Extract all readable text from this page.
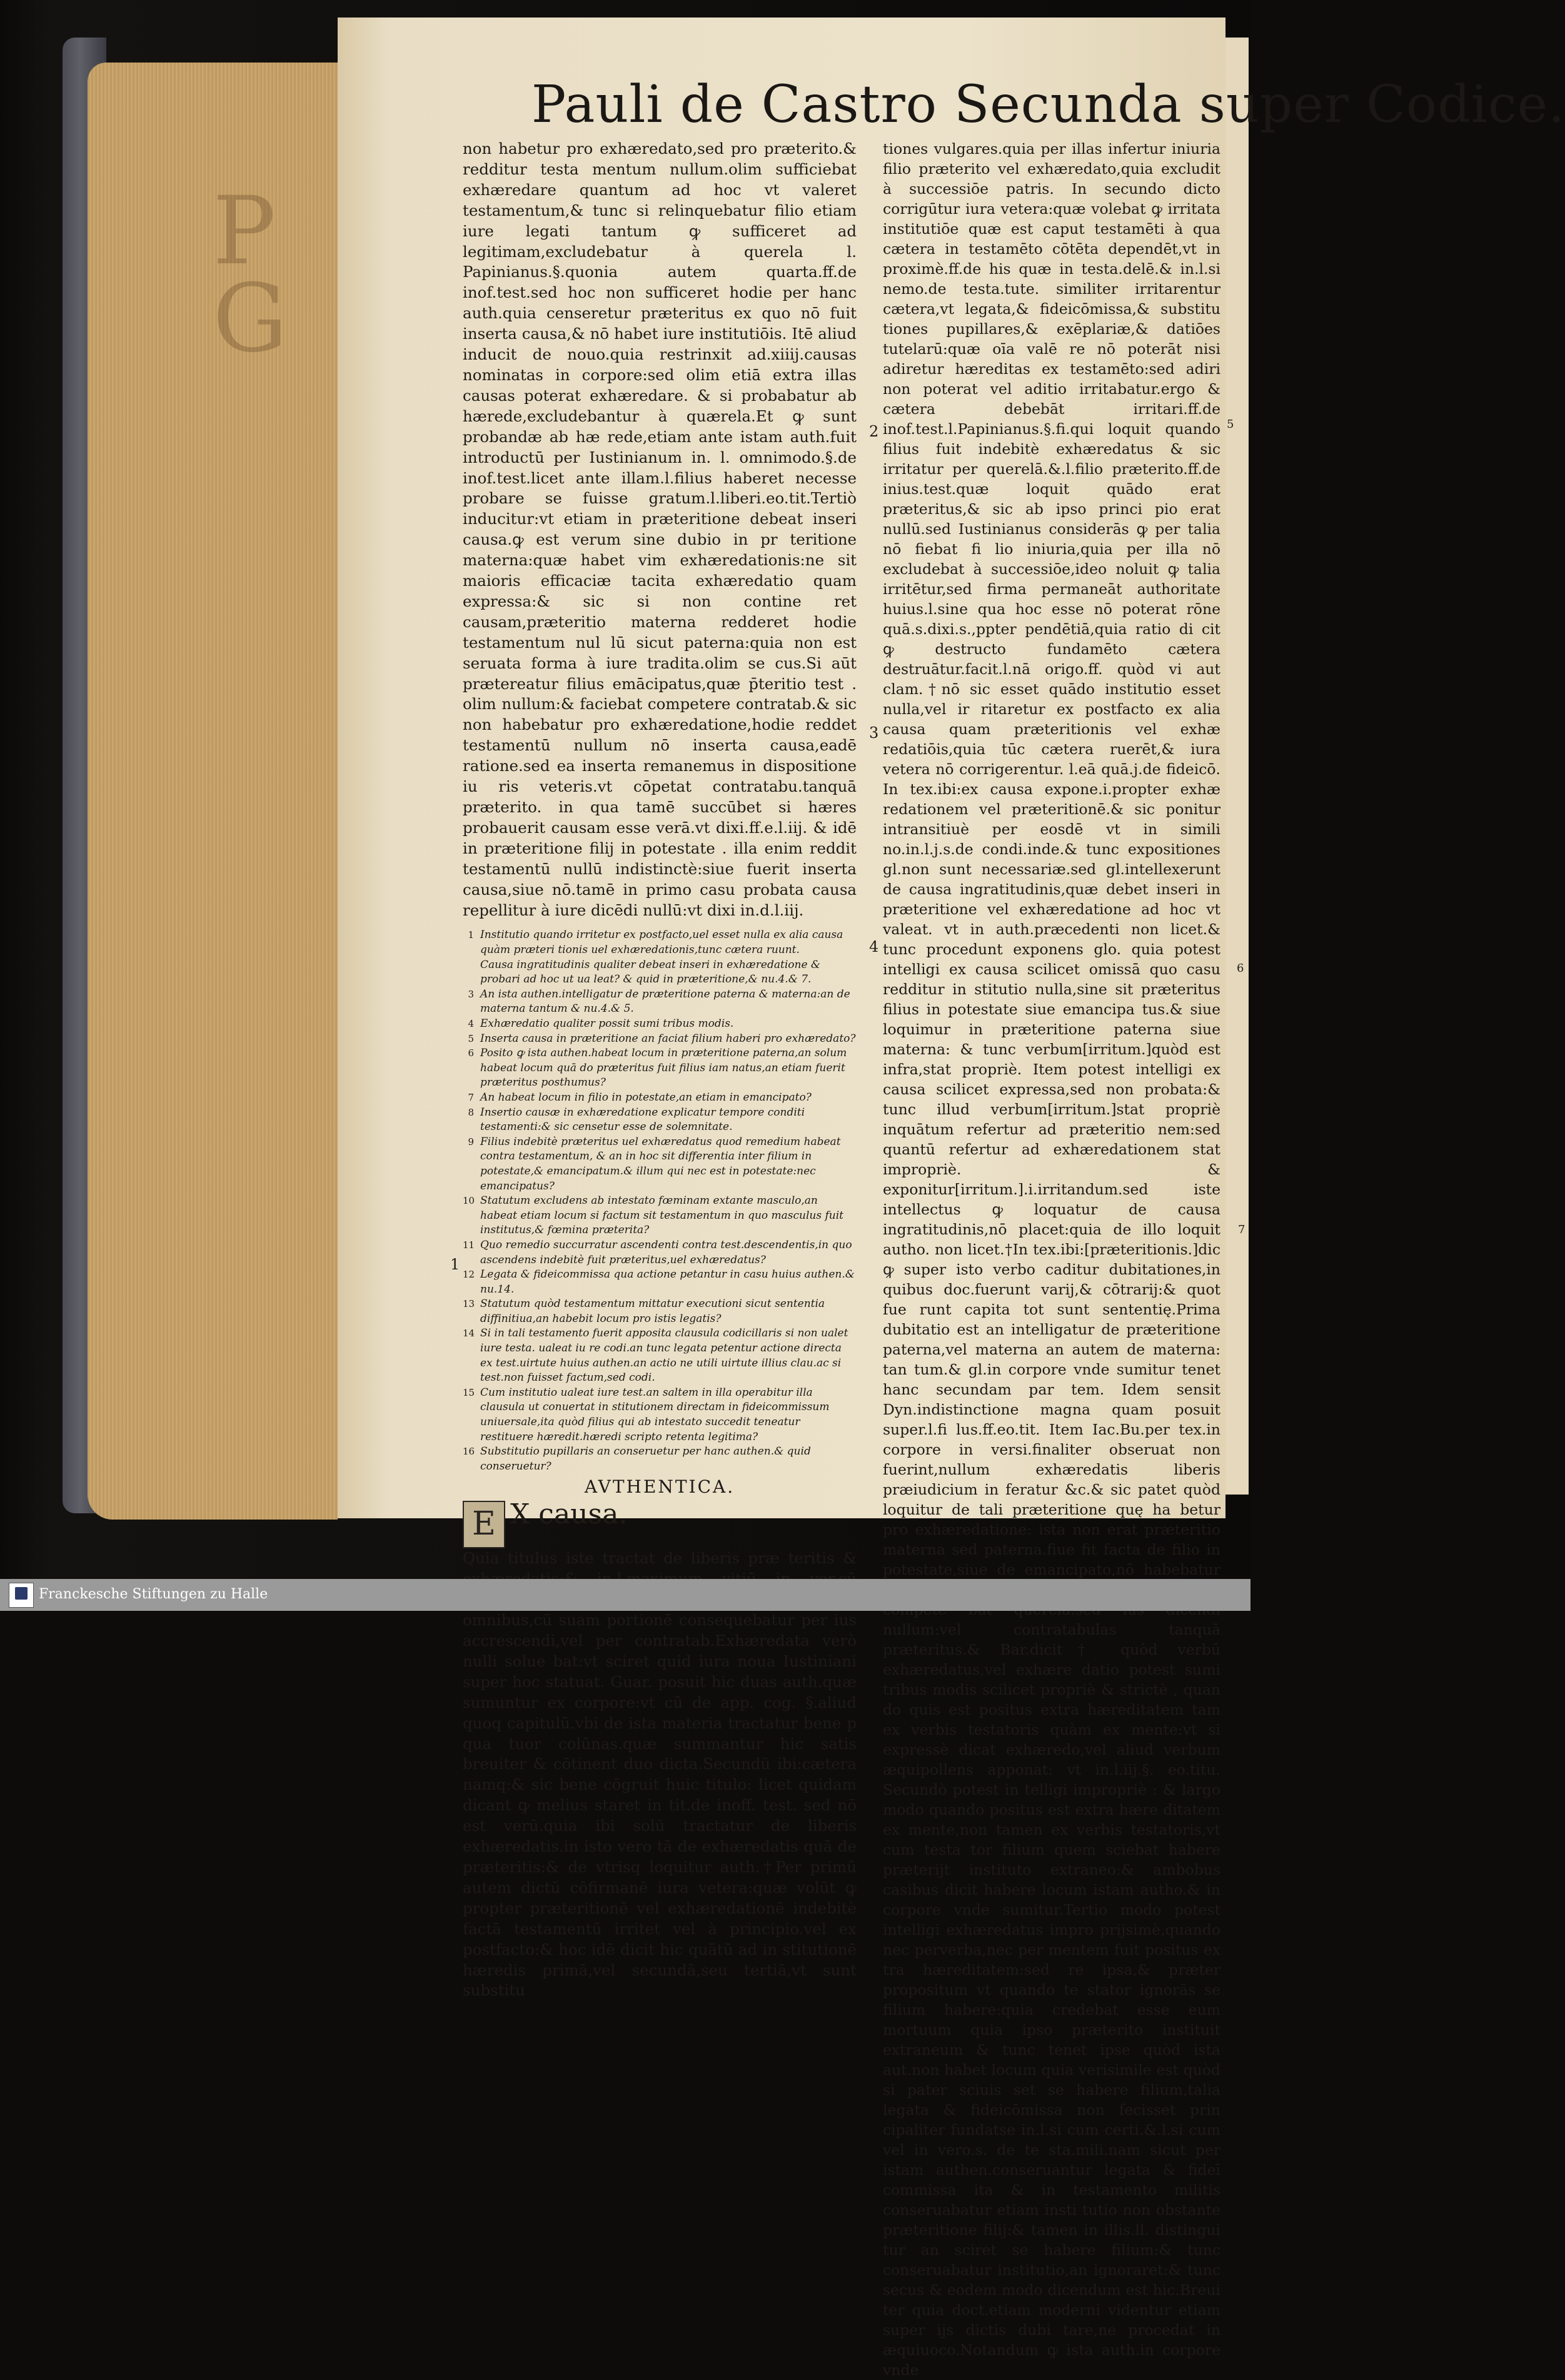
P G
Pauli de Castro Secunda super Codice.

non habetur pro exhæredato,sed pro præterito.& redditur testa mentum nullum.olim sufficiebat exhæredare quantum ad hoc vt valeret testamentum,& tunc si relinquebatur filio etiam iure legati tantum ꝙ sufficeret ad legitimam,excludebatur à querela l. Papinianus.§.quonia autem quarta.ff.de inof.test.sed hoc non sufficeret hodie per hanc auth.quia censeretur præteritus ex quo nō fuit inserta causa,& nō habet iure institutiōis. Itē aliud inducit de nouo.quia restrinxit ad.xiiij.causas nominatas in corpore:sed olim etiā extra illas causas poterat exhæredare. & si probabatur ab hærede,excludebantur à quærela.Et ꝙ sunt probandæ ab hæ rede,etiam ante istam auth.fuit introductū per Iustinianum in. l. omnimodo.§.de inof.test.licet ante illam.l.filius haberet necesse probare se fuisse gratum.l.liberi.eo.tit.Tertiò inducitur:vt etiam in præteritione debeat inseri causa.ꝙ est verum sine dubio in pr teritione materna:quæ habet vim exhæredationis:ne sit maioris efficaciæ tacita exhæredatio quam expressa:& sic si non contine ret causam,præteritio materna redderet hodie testamentum nul lū sicut paterna:quia non est seruata forma à iure tradita.olim se cus.Si aūt prætereatur filius emācipatus,quæ p̄teritio test . olim nullum:& faciebat competere contratab.& sic non habebatur pro exhæredatione,hodie reddet testamentū nullum nō inserta causa,eadē ratione.sed ea inserta remanemus in dispositione iu ris veteris.vt cōpetat contratabu.tanquā præterito. in qua tamē succūbet si hæres probauerit causam esse verā.vt dixi.ff.e.l.iij. & idē in præteritione filij in potestate . illa enim reddit testamentū nullū indistinctè:siue fuerit inserta causa,siue nō.tamē in primo casu probata causa repellitur à iure dicēdi nullū:vt dixi in.d.l.iij.

1 Institutio quando irritetur ex postfacto,uel esset nulla ex alia causa quàm præteri tionis uel exhæredationis,tunc cætera ruunt.
Causa ingratitudinis qualiter debeat inseri in exhæredatione & probari ad hoc ut ua leat? & quid in præteritione,& nu.4.& 7.
3 An ista authen.intelligatur de præteritione paterna & materna:an de materna tantum & nu.4.& 5.
4 Exhæredatio qualiter possit sumi tribus modis.
5 Inserta causa in præteritione an faciat filium haberi pro exhæredato?
6 Posito ꝙ ista authen.habeat locum in præteritione paterna,an solum habeat locum quā do præteritus fuit filius iam natus,an etiam fuerit præteritus posthumus?
7 An habeat locum in filio in potestate,an etiam in emancipato?
8 Insertio causæ in exhæredatione explicatur tempore conditi testamenti:& sic censetur esse de solemnitate.
9 Filius indebitè præteritus uel exhæredatus quod remedium habeat contra testamentum, & an in hoc sit differentia inter filium in potestate,& emancipatum.& illum qui nec est in potestate:nec emancipatus?
10 Statutum excludens ab intestato fœminam extante masculo,an habeat etiam locum si factum sit testamentum in quo masculus fuit institutus,& fœmina præterita?
11 Quo remedio succurratur ascendenti contra test.descendentis,in quo ascendens indebitè fuit præteritus,uel exhæredatus?
12 Legata & fideicommissa qua actione petantur in casu huius authen.& nu.14.
13 Statutum quòd testamentum mittatur executioni sicut sententia diffinitiua,an habebit locum pro istis legatis?
14 Si in tali testamento fuerit apposita clausula codicillaris si non ualet iure testa. ualeat iu re codi.an tunc legata petentur actione directa ex test.uirtute huius authen.an actio ne utili uirtute illius clau.ac si test.non fuisset factum,sed codi.
15 Cum institutio ualeat iure test.an saltem in illa operabitur illa clausula ut conuertat in stitutionem directam in fideicommissum uniuersale,ita quòd filius qui ab intestato succedit teneatur restituere hæredit.hæredi scripto retenta legitima?
16 Substitutio pupillaris an conseruetur per hanc authen.& quid conseruetur?
AVTHENTICA.
E X causa.

Quia titulus iste tractat de liberis præ teritis & omnibus,cū suam portionē consequebatur per ius accrescendi,vel per contratab.Exhæredata verò nulli solue bat:vt sciret quid iura noua Iustiniani super hoc statuat. Guar. posuit hic duas auth.quæ sumuntur ex corpore:vt cū de app. cog. §.aliud quoq capitulū.vbi de ista materia tractatur bene p qua tuor colūnas.quæ summantur hic satis breuiter & cōtinent duo dicta.Secundū ibi:cætera namq:& sic bene cōgruit huic titulo: licet quidam dicant ꝙ melius staret in tit.de inoff. test. sed nō est verū.quia ibi solū tractatur de liberis exhæredatis.in isto vero tā de exhæredatis quā de præteritis:& de vtrisq loquitur auth.†Per primū autem dictū cōfirmanē iura vetera:quæ volūt ꝙ propter præteritionē vel exhæredationē indebitè factā testamentū irritet vel à principio.vel ex postfacto:& hoc idē dicit hic quātū ad in stitutionē hæredis primā,vel secundā,seu tertiā,vt sunt substitu

tiones vulgares.quia per illas infertur iniuria filio præterito vel exhæredato,quia excludit à successiōe patris. In secundo dicto corrigūtur iura vetera:quæ volebat ꝙ irritata institutiōe quæ est caput testamēti à qua cætera in testamēto cōtēta dependēt,vt in proximè.ff.de his quæ in testa.delē.& in.l.si nemo.de testa.tute. similiter irritarentur cætera,vt legata,& fideicōmissa,& substitu tiones pupillares,& exēplariæ,& datiōes tutelarū:quæ oīa valē re nō poterāt nisi adiretur hæreditas ex testamēto:sed adiri non poterat vel aditio irritabatur.ergo & cætera debebāt irritari.ff.de inof.test.l.Papinianus.§.fi.qui loquit quando filius fuit indebitè exhæredatus & sic irritatur per querelā.&.l.filio præterito.ff.de inius.test.quæ loquit quādo erat præteritus,& sic ab ipso princi pio erat nullū.sed Iustinianus considerās ꝙ per talia nō fiebat fi lio iniuria,quia per illa nō excludebat à successiōe,ideo noluit ꝙ talia irritētur,sed firma permaneāt authoritate huius.l.sine qua hoc esse nō poterat rōne quā.s.dixi.s.,ppter pendētiā,quia ratio di cit ꝙ destructo fundamēto cætera destruātur.facit.l.nā origo.ff. quòd vi aut clam.†nō sic esset quādo institutio esset nulla,vel ir ritaretur ex postfacto ex alia causa quam præteritionis vel exhæ redatiōis,quia tūc cætera ruerēt,& iura vetera nō corrigerentur. l.eā quā.j.de fideicō. In tex.ibi:ex causa expone.i.propter exhæ redationem vel præteritionē.& sic ponitur intransitiuè per eosdē vt in simili no.in.l.j.s.de condi.inde.& tunc expositiones gl.non sunt necessariæ.sed gl.intellexerunt de causa ingratitudinis,quæ debet inseri in præteritione vel exhæredatione ad hoc vt valeat. vt in auth.præcedenti non licet.& tunc procedunt exponens glo. quia potest intelligi ex causa scilicet omissā quo casu redditur in stitutio nulla,sine sit præteritus filius in potestate siue emancipa tus.& siue loquimur in præteritione paterna siue materna: & tunc verbum[irritum.]quòd est infra,stat propriè. Item potest intelligi ex causa scilicet expressa,sed non probata:& tunc illud verbum[irritum.]stat propriè inquātum refertur ad præteritio nem:sed quantū refertur ad exhæredationem stat impropriè. & exponitur[irritum.].i.irritandum.sed iste intellectus ꝙ loquatur de causa ingratitudinis,nō placet:quia de illo loquit autho. non licet.†In tex.ibi:[præteritionis.]dic ꝙ super isto verbo caditur dubitationes,in quibus doc.fuerunt varij,& cōtrarij:& quot fue runt capita tot sunt sententię.Prima dubitatio est an intelligatur de præteritione paterna,vel materna an autem de materna: tan tum.& gl.in corpore vnde sumitur tenet hanc secundam par tem. Idem sensit Dyn.indistinctione magna quam posuit super.l.fi lus.ff.eo.tit. Item Iac.Bu.per tex.in corpore in versi.finaliter obseruat non fuerint,nullum exhæredatis liberis præiudicium in feratur &c.& sic patet quòd loquitur de tali præteritione quę ha betur pro exhæredatione: ista non erat præteritio materna sed paterna.fiue fit facta de filio in potestate,siue de emancipato,nō habebatur nullum:vel contratabulas tanquā præteritus.& Bar.dicit† quòd verbū exhæredatus,vel exhære datio potest sumi tribus modis scilicet propriè & strictè , quan do quis est positus extra hæreditatem tam ex verbis testatoris quàm ex mente:vt si expressè dicat exhæredo,vel aliud verbum æquipollens apponat: vt in.l.iij.§. eo.titu. Secundò potest in telligi impropriè : & largo modo quando positus est extra hære ditatem ex mente,non tamen ex verbis testatoris,vt cum testa tor filium quem sciebat habere præterijt instituto extraneo:& ambobus casibus dicit habere locum istam autho.& in corpore vnde sumitur.Tertio modo potest intelligi exhæredatus impro prijsimè,quando nec perverba,nec per mentem fuit positus ex tra hæreditatem:sed re ipsa,& præter propositum vt quando te stator ignorās se filium habere:quia credebat esse eum mortuum quia ipso præterito instituit extraneum & tunc tenet ipse quòd ista aut.non habet locum quia verisimile est quòd si pater sciuis set se habere filium,talia legata & fideicōmissa non fecisset prin cipaliter fundatse in.l.si cum certi.&.l.si cum vel in vero.s. de te sta.mili.nam sicut per istam authen.conseruantur legata & fideī commissa ita & in testamento militis conseruabatur etiam insti tutio non obstante præteritione filij:& tamen in illis.ll. distingui tur an sciret se habere filium:& tunc conseruabatur institutio,an ignoraret:& tunc secus & eodem modo dicendum est hic.Breui ter quia doct.etiam moderni videntur etiam super ijs dictis dubi tare,ne procedat in æquiuoco.Notandum ꝙ ista auth.in corpore vnde

2
3
4
1
5
6
7
Franckesche Stiftungen zu Halle
